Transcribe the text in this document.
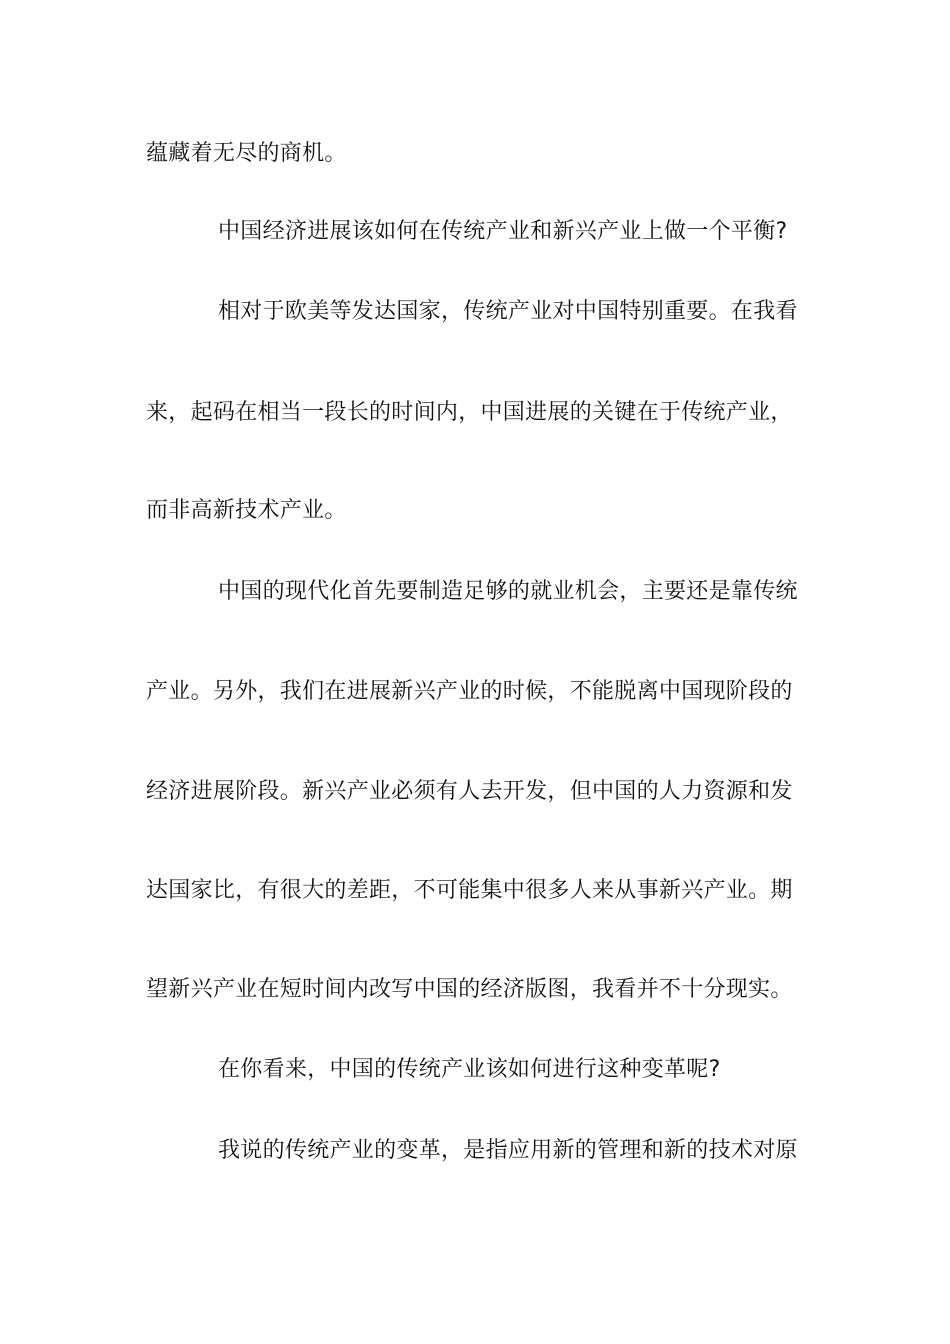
蕴藏着无尽的商机。
中国经济进展该如何在传统产业和新兴产业上做一个平衡?
相对于欧美等发达国家，传统产业对中国特别重要。在我看
来，起码在相当一段长的时间内，中国进展的关键在于传统产业，
而非高新技术产业。
中国的现代化首先要制造足够的就业机会，主要还是靠传统
产业。另外，我们在进展新兴产业的时候，不能脱离中国现阶段的
经济进展阶段。新兴产业必须有人去开发，但中国的人力资源和发
达国家比，有很大的差距，不可能集中很多人来从事新兴产业。期
望新兴产业在短时间内改写中国的经济版图，我看并不十分现实。
在你看来，中国的传统产业该如何进行这种变革呢?
我说的传统产业的变革，是指应用新的管理和新的技术对原
